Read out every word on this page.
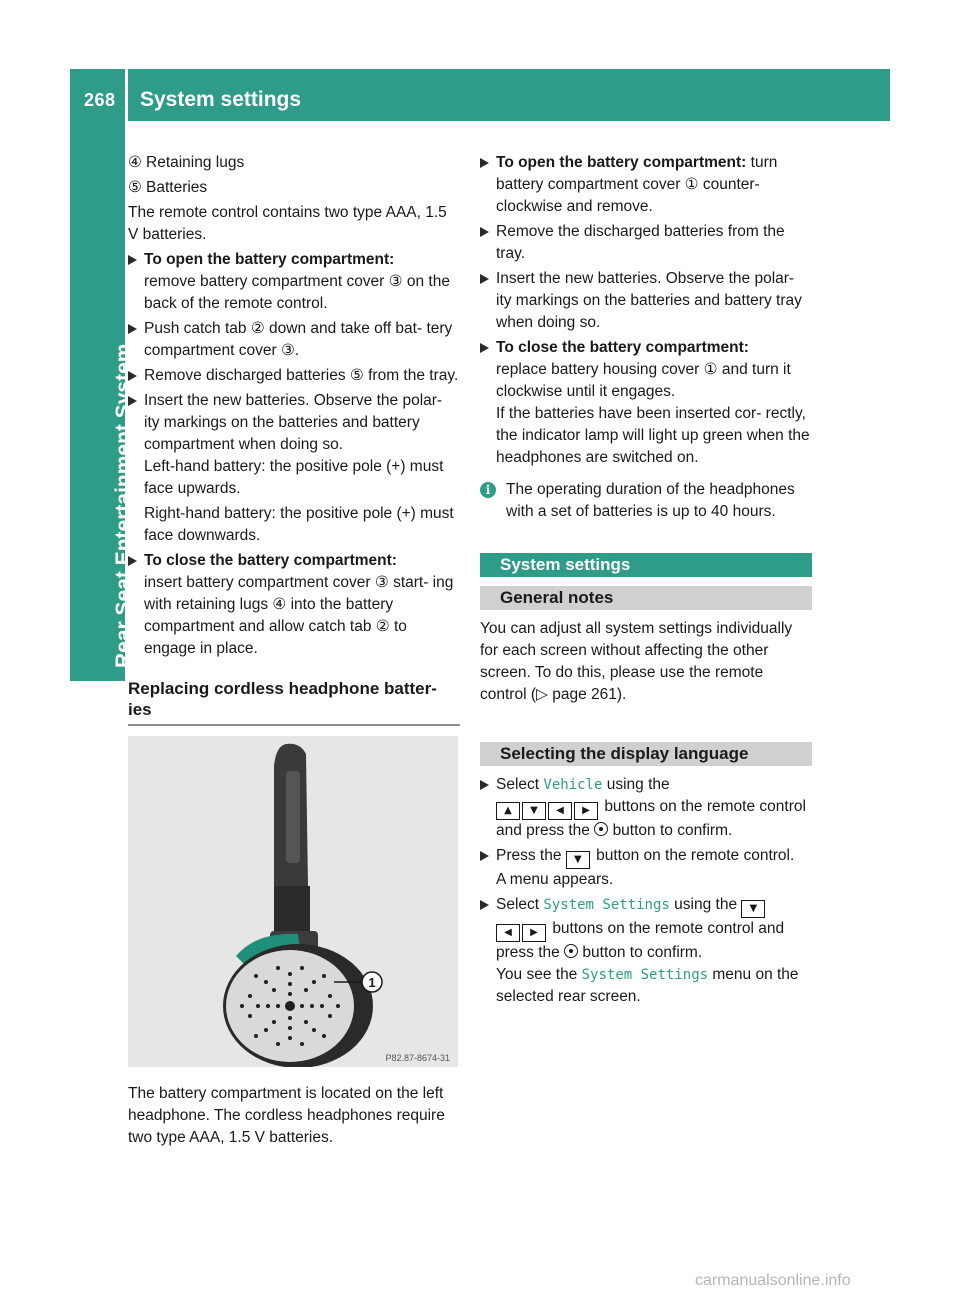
268 System settings
Rear Seat Entertainment System
④ Retaining lugs
⑤ Batteries

The remote control contains two type AAA, 1.5 V batteries.

To open the battery compartment:
remove battery compartment cover ③ on the back of the remote control.
Push catch tab ② down and take off bat- tery compartment cover ③.
Remove discharged batteries ⑤ from the tray.
Insert the new batteries. Observe the polar- ity markings on the batteries and battery compartment when doing so.
Left-hand battery: the positive pole (+) must face upwards.
Right-hand battery: the positive pole (+) must face downwards.
To close the battery compartment:
insert battery compartment cover ③ start- ing with retaining lugs ④ into the battery compartment and allow catch tab ② to engage in place.
Replacing cordless headphone batter- ies
1
P82.87-8674-31

The battery compartment is located on the left headphone. The cordless headphones require two type AAA, 1.5 V batteries.

To open the battery compartment: turn battery compartment cover ① counter- clockwise and remove.
Remove the discharged batteries from the tray.
Insert the new batteries. Observe the polar- ity markings on the batteries and battery tray when doing so.
To close the battery compartment:
replace battery housing cover ① and turn it clockwise until it engages.
If the batteries have been inserted cor- rectly, the indicator lamp will light up green when the headphones are switched on.
i	The operating duration of the headphones with a set of batteries is up to 40 hours.
System settings
General notes

You can adjust all system settings individually for each screen without affecting the other screen. To do this, please use the remote control (▷ page 261).

Selecting the display language
Select Vehicle using the
▲ ▼ ◀ ▶ buttons on the remote control and press the button to confirm.
Press the ▼ button on the remote control.
A menu appears.
Select System Settings using the ▼
◀ ▶ buttons on the remote control and press the button to confirm.
You see the System Settings menu on the selected rear screen.
carmanualsonline.info
